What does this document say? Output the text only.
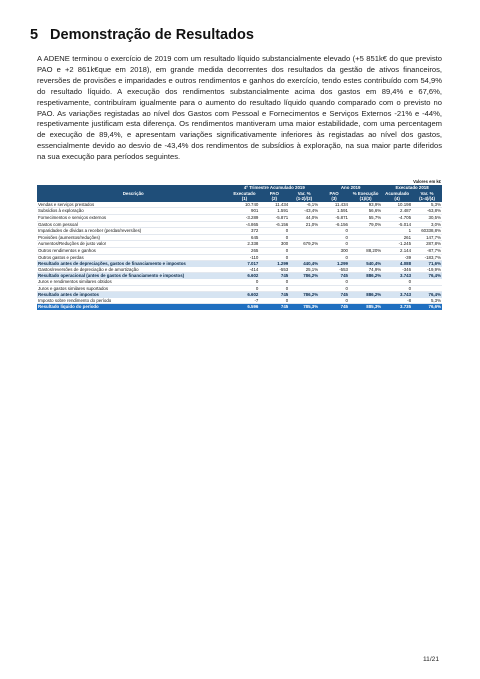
5 Demonstração de Resultados
A ADENE terminou o exercício de 2019 com um resultado líquido substancialmente elevado (+5 851k€ do que previsto PAO e +2 861k€que em 2018), em grande medida decorrentes dos resultados da gestão de ativos financeiros, reversões de provisões e imparidades e outros rendimentos e ganhos do exercício, tendo estes contribuído com 54,9% do resultado líquido. A execução dos rendimentos substancialmente acima dos gastos em 89,4% e 67,6%, respetivamente, contribuíram igualmente para o aumento do resultado líquido quando comparado com o previsto no PAO. As variações registadas ao nível dos Gastos com Pessoal e Fornecimentos e Serviços Externos -21% e -44%, respetivamente justificam esta diferença. Os rendimentos mantiveram uma maior estabilidade, com uma percentagem de execução de 89,4%, e apresentam variações significativamente inferiores às registadas ao nível dos gastos, essencialmente devido ao desvio de -43,4% dos rendimentos de subsídios à exploração, na sua maior parte diferidos na sua execução para períodos seguintes.
Valores em k€
Descrição	4º Trimestre Acumulado 2019			Ano 2019		Executado 2018	
	Executado	PAO	Var. %	PAO	% Execução	Acumulado	Var. %
	(1)	(2)	(1-2)/(2)	(3)	(1)/(3)	(4)	(1-4)/(4)
Vendas e serviços prestados	10.740	11.434	-6,1%	11.434	93,9%	10.198	5,3%
Subsídios à exploração	901	1.591	-43,4%	1.591	56,6%	2.487	-63,8%
Fornecimentos e serviços externos	-3.289	-5.871	44,0%	-5.871	55,7%	-4.705	30,5%
Gastos com pessoal	-4.865	-6.156	21,0%	-6.156	79,0%	-5.014	3,0%
Imparidades de dívidas a receber (perdas/reversões)	372	0		0		1	60338,8%
Provisões (aumentos/reduções)	645	0		0		261	147,7%
Aumentos/Reduções de justo valor	2.338	300	679,2%	0		-1.245	287,8%
Outros rendimentos e ganhos	265	0		300	88,20%	2.144	-87,7%
Outros gastos e perdas	-110	0		0		-39	-183,7%
Resultado antes de depreciações, gastos de financiamento e impostos	7.017	1.299	440,4%	1.299	540,4%	4.088	71,6%
Gastos/reversões de depreciação e de amortização	-414	-553	25,1%	-553	74,9%	-346	-19,9%
Resultado operacional (antes de gastos de financiamento e impostos)	6.602	745	786,2%	745	886,2%	3.743	76,4%
Juros e rendimentos similares obtidos	0	0		0		0	
Juros e gastos similares suportados	0	0		0		0	
Resultado antes de impostos	6.602	745	786,2%	745	886,2%	3.743	76,4%
Imposto sobre rendimento do período	-7	0		0		-8	5,3%
Resultado líquido do período	6.596	745	785,3%	745	885,3%	3.735	76,6%
11/21
